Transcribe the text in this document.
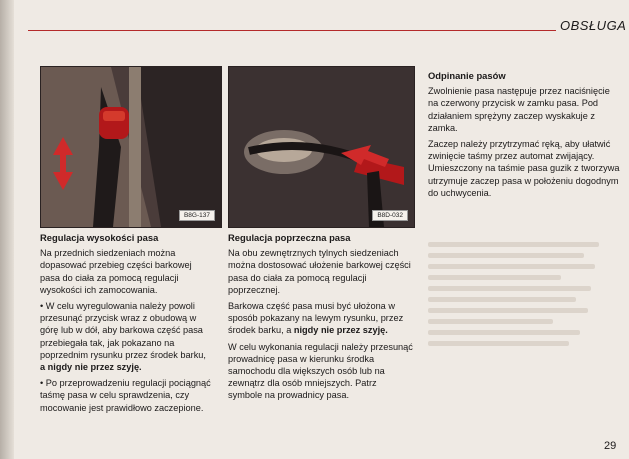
OBSŁUGA
B8G-137	B8D-032
Regulacja wysokości pasa

Na przednich siedzeniach można dopasować przebieg części barkowej pasa do ciała za pomocą regulacji wysokości ich zamocowania.

• W celu wyregulowania należy powoli przesunąć przycisk wraz z obudową w górę lub w dół, aby barkowa część pasa przebiegała tak, jak pokazano na poprzednim rysunku przez środek barku, a nigdy nie przez szyję.

• Po przeprowadzeniu regulacji pociągnąć taśmę pasa w celu sprawdzenia, czy mocowanie jest prawidłowo zaczepione.

Regulacja poprzeczna pasa

Na obu zewnętrznych tylnych siedzeniach można dostosować ułożenie barkowej części pasa do ciała za pomocą regulacji poprzecznej.

Barkowa część pasa musi być ułożona w sposób pokazany na lewym rysunku, przez środek barku, a nigdy nie przez szyję.

W celu wykonania regulacji należy przesunąć prowadnicę pasa w kierunku środka samochodu dla większych osób lub na zewnątrz dla osób mniejszych. Patrz symbole na prowadnicy pasa.

Odpinanie pasów

Zwolnienie pasa następuje przez naciśnięcie na czerwony przycisk w zamku pasa. Pod działaniem sprężyny zaczep wyskakuje z zamka.

Zaczep należy przytrzymać ręką, aby ułatwić zwinięcie taśmy przez automat zwijający. Umieszczony na taśmie pasa guzik z tworzywa utrzymuje zaczep pasa w położeniu dogodnym do uchwycenia.

29
